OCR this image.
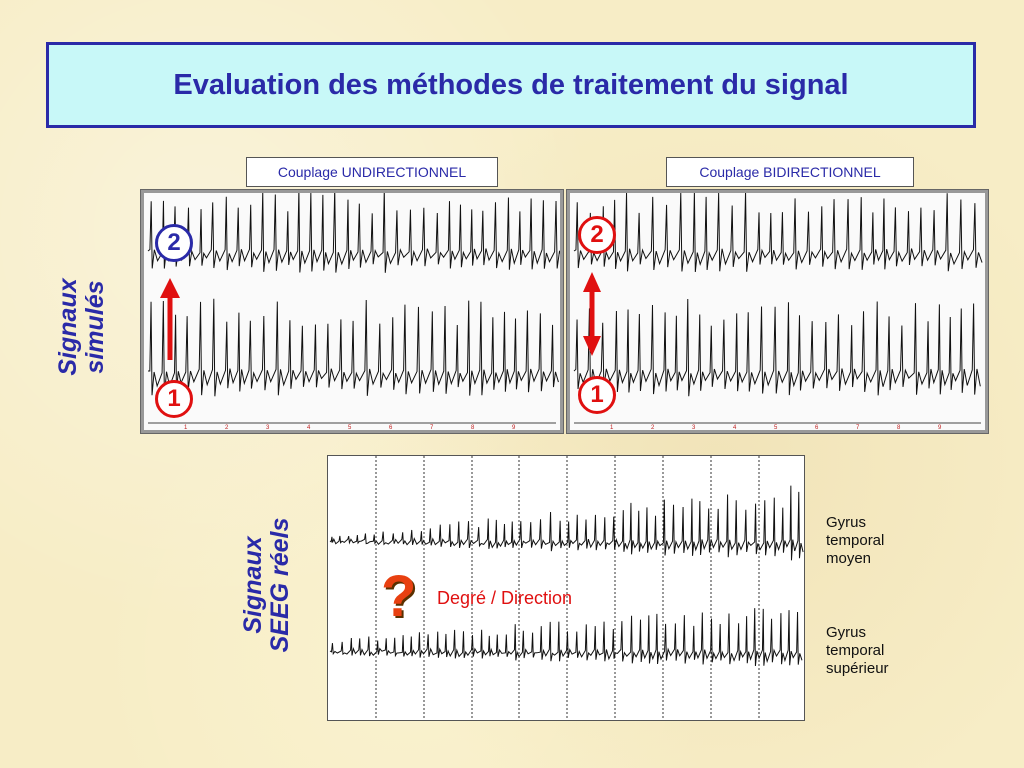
Evaluation des méthodes de traitement du signal
Couplage UNDIRECTIONNEL	Couplage BIDIRECTIONNEL
Signaux simulés
1	2	3	4	5	6	7	8	9	1	2	3	4	5	6	7	8	9
2
1
2
1
Signaux SEEG réels ? Degré / Direction
Gyrus
temporal
moyen
Gyrus
temporal
supérieur
